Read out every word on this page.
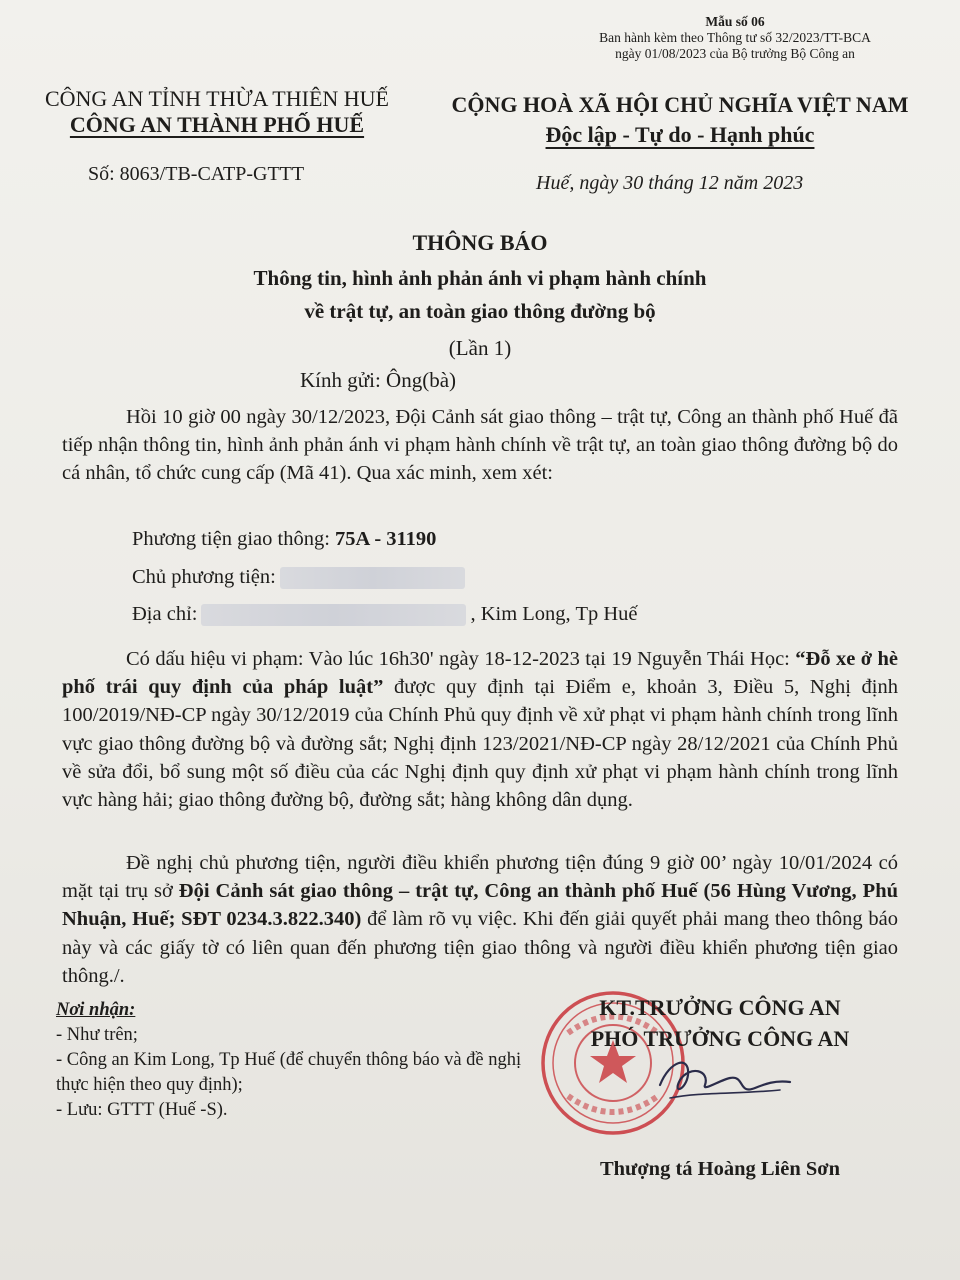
Mẫu số 06
Ban hành kèm theo Thông tư số 32/2023/TT-BCA
ngày 01/08/2023 của Bộ trưởng Bộ Công an
CÔNG AN TỈNH THỪA THIÊN HUẾ
CÔNG AN THÀNH PHỐ HUẾ
CỘNG HOÀ XÃ HỘI CHỦ NGHĨA VIỆT NAM
Độc lập - Tự do - Hạnh phúc
Số: 8063/TB-CATP-GTTT	Huế, ngày 30 tháng 12 năm 2023
THÔNG BÁO
Thông tin, hình ảnh phản ánh vi phạm hành chính
về trật tự, an toàn giao thông đường bộ
(Lần 1)
Kính gửi: Ông(bà)

Hồi 10 giờ 00 ngày 30/12/2023, Đội Cảnh sát giao thông – trật tự, Công an thành phố Huế đã tiếp nhận thông tin, hình ảnh phản ánh vi phạm hành chính về trật tự, an toàn giao thông đường bộ do cá nhân, tổ chức cung cấp (Mã 41). Qua xác minh, xem xét:

Phương tiện giao thông: 75A - 31190
Chủ phương tiện:
Địa chỉ:	, Kim Long, Tp Huế

Có dấu hiệu vi phạm: Vào lúc 16h30' ngày 18-12-2023 tại 19 Nguyễn Thái Học: “Đỗ xe ở hè phố trái quy định của pháp luật” được quy định tại Điểm e, khoản 3, Điều 5, Nghị định 100/2019/NĐ-CP ngày 30/12/2019 của Chính Phủ quy định về xử phạt vi phạm hành chính trong lĩnh vực giao thông đường bộ và đường sắt; Nghị định 123/2021/NĐ-CP ngày 28/12/2021 của Chính Phủ về sửa đổi, bổ sung một số điều của các Nghị định quy định xử phạt vi phạm hành chính trong lĩnh vực hàng hải; giao thông đường bộ, đường sắt; hàng không dân dụng.

Đề nghị chủ phương tiện, người điều khiển phương tiện đúng 9 giờ 00’ ngày 10/01/2024 có mặt tại trụ sở Đội Cảnh sát giao thông – trật tự, Công an thành phố Huế (56 Hùng Vương, Phú Nhuận, Huế; SĐT 0234.3.822.340) để làm rõ vụ việc. Khi đến giải quyết phải mang theo thông báo này và các giấy tờ có liên quan đến phương tiện giao thông và người điều khiển phương tiện giao thông./.

Nơi nhận:
- Như trên;
- Công an Kim Long, Tp Huế (để chuyển thông báo và đề nghị thực hiện theo quy định);
- Lưu: GTTT (Huế -S).
KT.TRƯỞNG CÔNG AN
PHÓ TRƯỞNG CÔNG AN
Thượng tá Hoàng Liên Sơn
